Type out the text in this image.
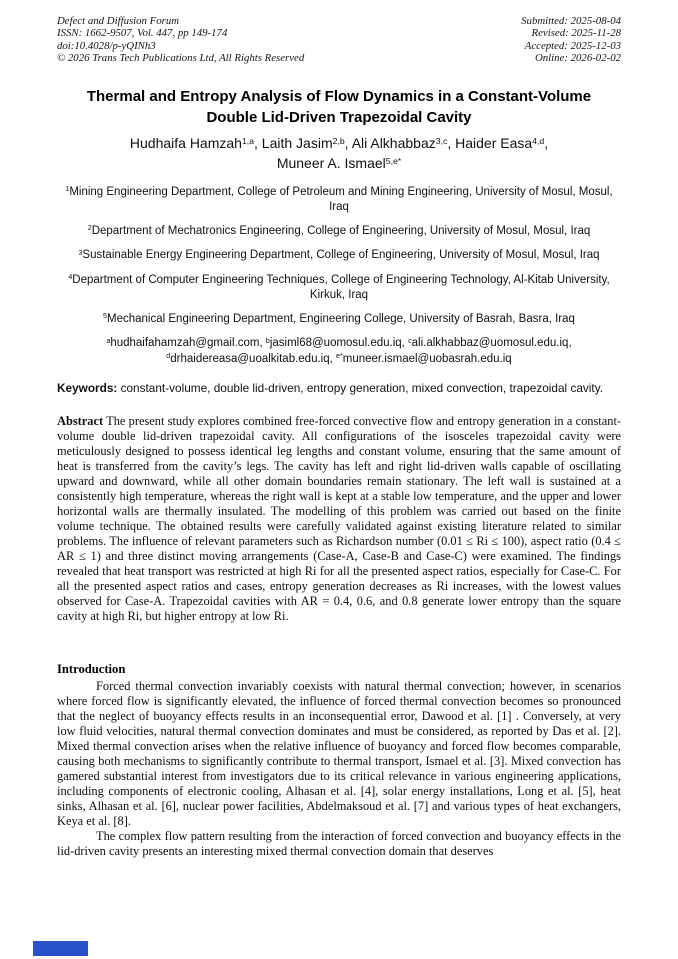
Defect and Diffusion Forum
ISSN: 1662-9507, Vol. 447, pp 149-174
doi:10.4028/p-yQINh3
© 2026 Trans Tech Publications Ltd, All Rights Reserved
Submitted: 2025-08-04
Revised: 2025-11-28
Accepted: 2025-12-03
Online: 2026-02-02
Thermal and Entropy Analysis of Flow Dynamics in a Constant-Volume
Double Lid-Driven Trapezoidal Cavity
Hudhaifa Hamzah$^{1,a}$, Laith Jasim$^{2,b}$, Ali Alkhabbaz$^{3,c}$, Haider Easa$^{4,d}$,
Muneer A. Ismael$^{5,e*}$

$^1$Mining Engineering Department, College of Petroleum and Mining Engineering, University of Mosul, Mosul, Iraq

$^2$Department of Mechatronics Engineering, College of Engineering, University of Mosul, Mosul, Iraq

$^3$Sustainable Energy Engineering Department, College of Engineering, University of Mosul, Mosul, Iraq

$^4$Department of Computer Engineering Techniques, College of Engineering Technology, Al-Kitab University, Kirkuk, Iraq

$^5$Mechanical Engineering Department, Engineering College, University of Basrah, Basra, Iraq

$^a$hudhaifahamzah@gmail.com, $^b$jasiml68@uomosul.edu.iq, $^c$ali.alkhabbaz@uomosul.edu.iq, $^d$drhaidereasa@uoalkitab.edu.iq, $^{e*}$muneer.ismael@uobasrah.edu.iq

Keywords: constant-volume, double lid-driven, entropy generation, mixed convection, trapezoidal cavity.

Abstract The present study explores combined free-forced convective flow and entropy generation in a constant-volume double lid-driven trapezoidal cavity. All configurations of the isosceles trapezoidal cavity were meticulously designed to possess identical leg lengths and constant volume, ensuring that the same amount of heat is transferred from the cavity’s legs. The cavity has left and right lid-driven walls capable of oscillating upward and downward, while all other domain boundaries remain stationary. The left wall is sustained at a consistently high temperature, whereas the right wall is kept at a stable low temperature, and the upper and lower horizontal walls are thermally insulated. The modelling of this problem was carried out based on the finite volume technique. The obtained results were carefully validated against existing literature related to similar problems. The influence of relevant parameters such as Richardson number (0.01 ≤ Ri ≤ 100), aspect ratio (0.4 ≤ AR ≤ 1) and three distinct moving arrangements (Case-A, Case-B and Case-C) were examined. The findings revealed that heat transport was restricted at high Ri for all the presented aspect ratios, especially for Case-C. For all the presented aspect ratios and cases, entropy generation decreases as Ri increases, with the lowest values observed for Case-A. Trapezoidal cavities with AR = 0.4, 0.6, and 0.8 generate lower entropy than the square cavity at high Ri, but higher entropy at low Ri.

Introduction

Forced thermal convection invariably coexists with natural thermal convection; however, in scenarios where forced flow is significantly elevated, the influence of forced thermal convection becomes so pronounced that the neglect of buoyancy effects results in an inconsequential error, Dawood et al. [1] . Conversely, at very low fluid velocities, natural thermal convection dominates and must be considered, as reported by Das et al. [2]. Mixed thermal convection arises when the relative influence of buoyancy and forced flow becomes comparable, causing both mechanisms to significantly contribute to thermal transport, Ismael et al. [3]. Mixed convection has gamered substantial interest from investigators due to its critical relevance in various engineering applications, including components of electronic cooling, Alhasan et al. [4], solar energy installations, Long et al. [5], heat sinks, Alhasan et al. [6], nuclear power facilities, Abdelmaksoud et al. [7] and various types of heat exchangers, Keya et al. [8].

The complex flow pattern resulting from the interaction of forced convection and buoyancy effects in the lid-driven cavity presents an interesting mixed thermal convection domain that deserves
